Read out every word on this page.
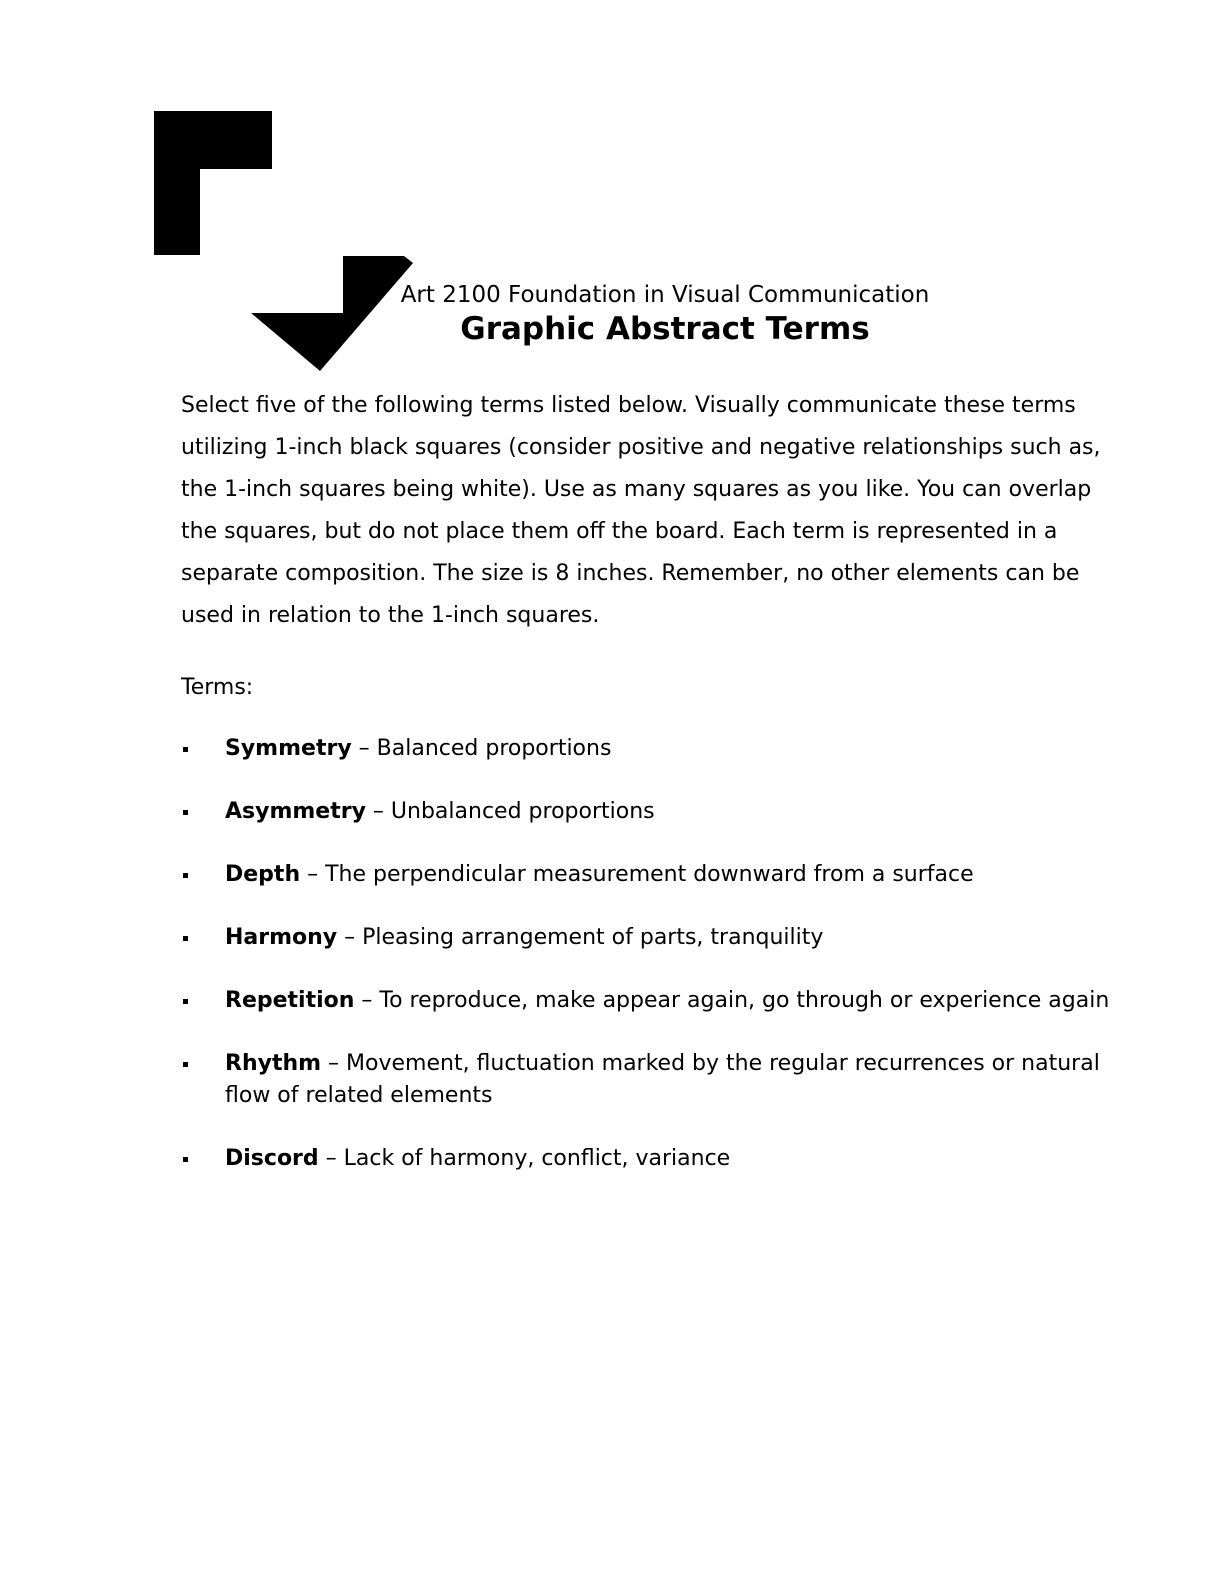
Art 2100 Foundation in Visual Communication
Graphic Abstract Terms
Select five of the following terms listed below. Visually communicate these terms
utilizing 1-inch black squares (consider positive and negative relationships such as,
the 1-inch squares being white). Use as many squares as you like. You can overlap
the squares, but do not place them off the board. Each term is represented in a
separate composition. The size is 8 inches. Remember, no other elements can be
used in relation to the 1-inch squares.
Terms:
Symmetry – Balanced proportions
Asymmetry – Unbalanced proportions
Depth – The perpendicular measurement downward from a surface
Harmony – Pleasing arrangement of parts, tranquility
Repetition – To reproduce, make appear again, go through or experience again
Rhythm – Movement, fluctuation marked by the regular recurrences or natural
flow of related elements
Discord – Lack of harmony, conflict, variance
